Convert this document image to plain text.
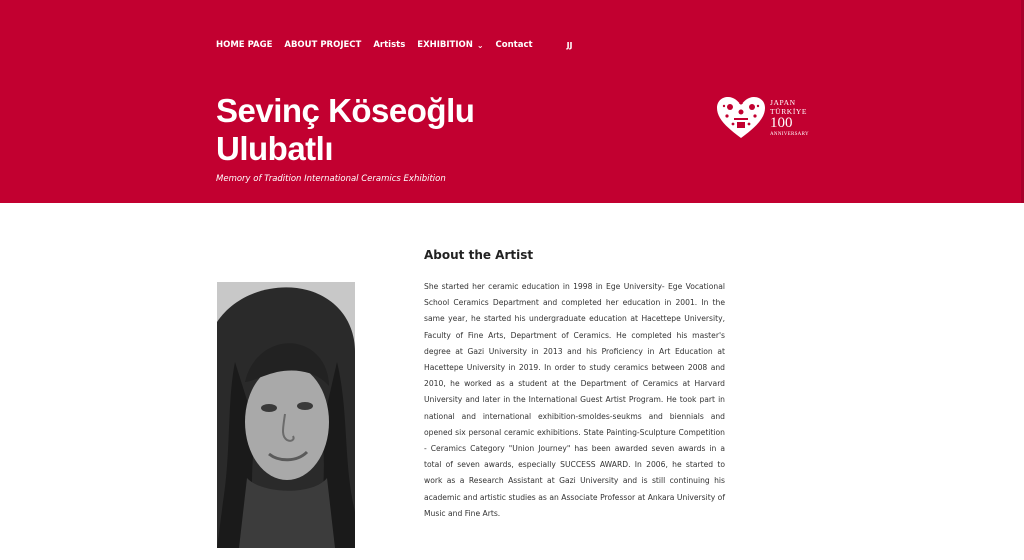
HOME PAGE ABOUT PROJECT Artists EXHIBITION ⌄ Contact	JJ
Sevinç Köseoğlu
Ulubatlı
Memory of Tradition International Ceramics Exhibition
JAPAN
TÜRKİYE
100
ANNIVERSARY
About the Artist

She started her ceramic education in 1998 in Ege University- Ege Vocational School Ceramics Department and completed her education in 2001. In the same year, he started his undergraduate education at Hacettepe University, Faculty of Fine Arts, Department of Ceramics. He completed his master's degree at Gazi University in 2013 and his Proficiency in Art Education at Hacettepe University in 2019. In order to study ceramics between 2008 and 2010, he worked as a student at the Department of Ceramics at Harvard University and later in the International Guest Artist Program. He took part in national and international exhibition-smoldes-seukms and biennials and opened six personal ceramic exhibitions. State Painting-Sculpture Competition - Ceramics Category "Union Journey" has been awarded seven awards in a total of seven awards, especially SUCCESS AWARD. In 2006, he started to work as a Research Assistant at Gazi University and is still continuing his academic and artistic studies as an Associate Professor at Ankara University of Music and Fine Arts.
